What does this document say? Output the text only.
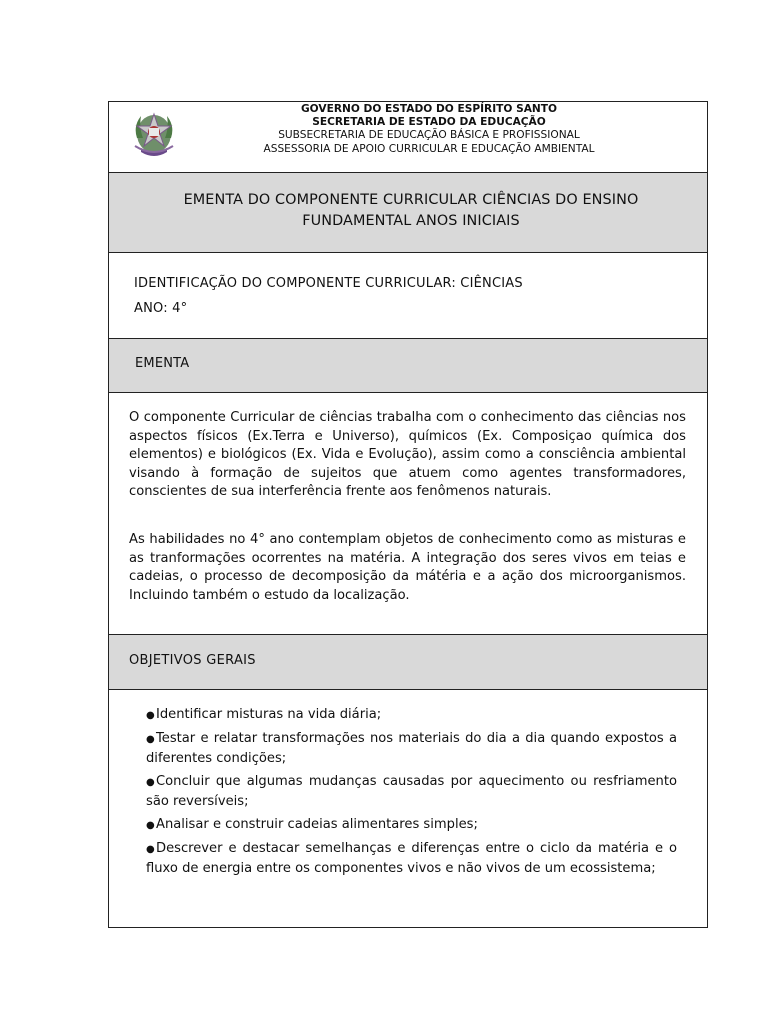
GOVERNO DO ESTADO DO ESPÍRITO SANTO
SECRETARIA DE ESTADO DA EDUCAÇÃO
SUBSECRETARIA DE EDUCAÇÃO BÁSICA E PROFISSIONAL
ASSESSORIA DE APOIO CURRICULAR E EDUCAÇÃO AMBIENTAL
EMENTA DO COMPONENTE CURRICULAR CIÊNCIAS DO ENSINO FUNDAMENTAL ANOS INICIAIS
IDENTIFICAÇÃO DO COMPONENTE CURRICULAR: CIÊNCIAS
ANO: 4°
EMENTA
O componente Curricular de ciências trabalha com o conhecimento das ciências nos aspectos físicos (Ex.Terra e Universo), químicos (Ex. Composiçao química dos elementos) e biológicos (Ex. Vida e Evolução), assim como a consciência ambiental visando à formação de sujeitos que atuem como agentes transformadores, conscientes de sua interferência frente aos fenômenos naturais.
As habilidades no 4° ano contemplam objetos de conhecimento como as misturas e as tranformações ocorrentes na matéria. A integração dos seres vivos em teias e cadeias, o processo de decomposição da mátéria e a ação dos microorganismos. Incluindo também o estudo da localização.
OBJETIVOS GERAIS
●Identificar misturas na vida diária;
●Testar e relatar transformações nos materiais do dia a dia quando expostos a diferentes condições;
●Concluir que algumas mudanças causadas por aquecimento ou resfriamento são reversíveis;
●Analisar e construir cadeias alimentares simples;
●Descrever e destacar semelhanças e diferenças entre o ciclo da matéria e o fluxo de energia entre os componentes vivos e não vivos de um ecossistema;
